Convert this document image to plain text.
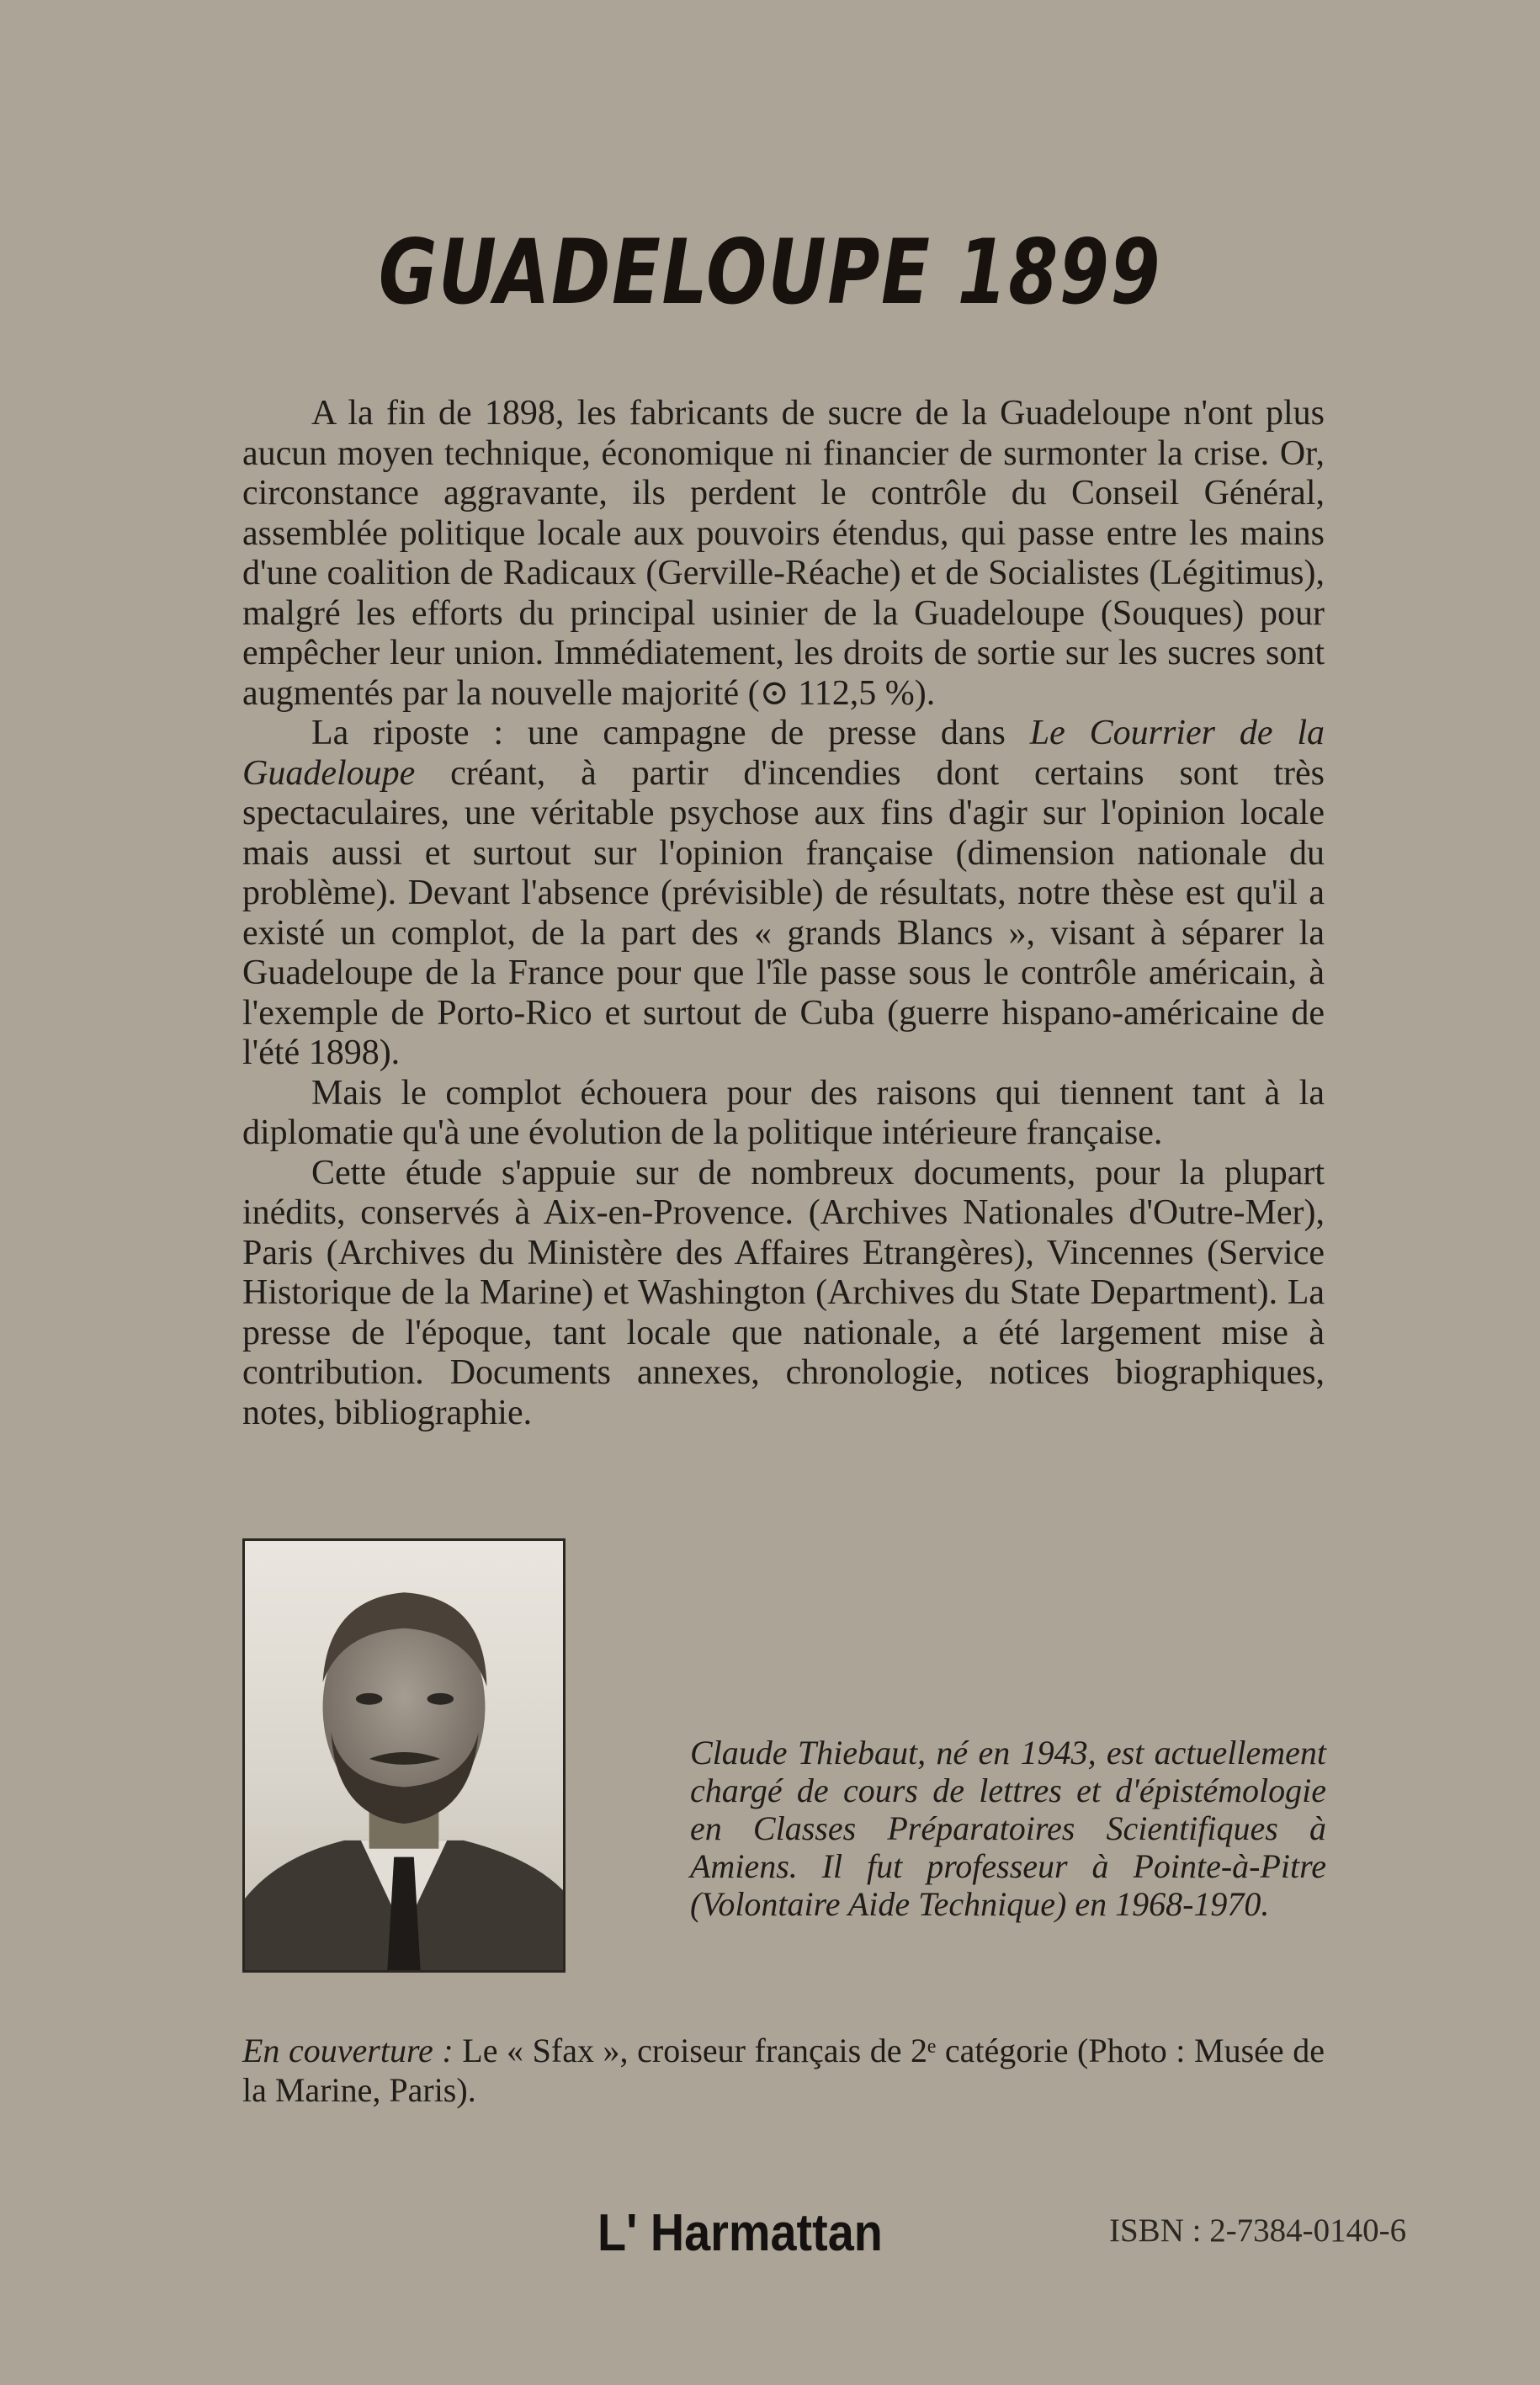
GUADELOUPE 1899

A la fin de 1898, les fabricants de sucre de la Guadeloupe n'ont plus aucun moyen technique, économique ni financier de surmonter la crise. Or, circonstance aggravante, ils perdent le contrôle du Conseil Général, assemblée politique locale aux pouvoirs étendus, qui passe entre les mains d'une coalition de Radicaux (Gerville-Réache) et de Socialistes (Légitimus), malgré les efforts du principal usinier de la Guadeloupe (Souques) pour empêcher leur union. Immédiatement, les droits de sortie sur les sucres sont augmentés par la nouvelle majorité (⊙ 112,5 %).

La riposte : une campagne de presse dans Le Courrier de la Guadeloupe créant, à partir d'incendies dont certains sont très spectaculaires, une véritable psychose aux fins d'agir sur l'opinion locale mais aussi et surtout sur l'opinion française (dimension nationale du problème). Devant l'absence (prévisible) de résultats, notre thèse est qu'il a existé un complot, de la part des « grands Blancs », visant à séparer la Guadeloupe de la France pour que l'île passe sous le contrôle américain, à l'exemple de Porto-Rico et surtout de Cuba (guerre hispano-américaine de l'été 1898).

Mais le complot échouera pour des raisons qui tiennent tant à la diplomatie qu'à une évolution de la politique intérieure française.

Cette étude s'appuie sur de nombreux documents, pour la plupart inédits, conservés à Aix-en-Provence. (Archives Nationales d'Outre-Mer), Paris (Archives du Ministère des Affaires Etrangères), Vincennes (Service Historique de la Marine) et Washington (Archives du State Department). La presse de l'époque, tant locale que nationale, a été largement mise à contribution. Documents annexes, chronologie, notices biographiques, notes, bibliographie.

Claude Thiebaut, né en 1943, est actuellement chargé de cours de lettres et d'épistémologie en Classes Préparatoires Scientifiques à Amiens. Il fut professeur à Pointe-à-Pitre (Volontaire Aide Technique) en 1968-1970.

En couverture : Le « Sfax », croiseur français de 2ᵉ catégorie (Photo : Musée de la Marine, Paris).

L' Harmattan	ISBN : 2-7384-0140-6
